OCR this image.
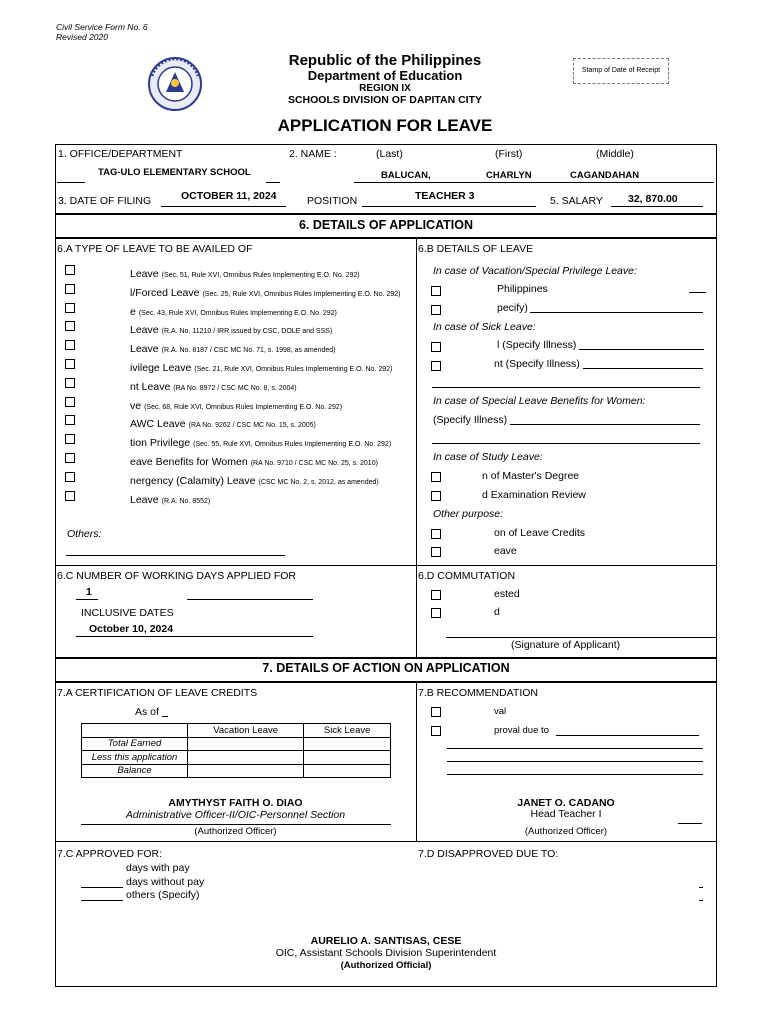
Civil Service Form No. 6
Revised 2020
Republic of the Philippines
Department of Education
REGION IX
SCHOOLS DIVISION OF DAPITAN CITY
Stamp of Date of Receipt
APPLICATION FOR LEAVE
1. OFFICE/DEPARTMENT	2. NAME :	(Last)	(First)	(Middle)
TAG-ULO ELEMENTARY SCHOOL	BALUCAN,	CHARLYN	CAGANDAHAN
3. DATE OF FILING	OCTOBER 11, 2024	POSITION	TEACHER 3	5. SALARY 32, 870.00
6. DETAILS OF APPLICATION
6.A TYPE OF LEAVE TO BE AVAILED OF
Leave (Sec. 51, Rule XVI, Omnibus Rules Implementing E.O. No. 292)
l/Forced Leave (Sec. 25, Rule XVI, Omnibus Rules Implementing E.O. No. 292)
e (Sec. 43, Rule XVI, Omnibus Rules Implementing E.O. No. 292)
Leave (R.A. No. 11210 / IRR issued by CSC, DOLE and SSS)
Leave (R.A. No. 8187 / CSC MC No. 71, s. 1998, as amended)
ivilege Leave (Sec. 21, Rule XVI, Omnibus Rules Implementing E.O. No. 292)
nt Leave (RA No. 8972 / CSC MC No. 8, s. 2004)
ve (Sec. 68, Rule XVI, Omnibus Rules Implementing E.O. No. 292)
AWC Leave (RA No. 9262 / CSC MC No. 15, s. 2005)
tion Privilege (Sec. 55, Rule XVI, Omnibus Rules Implementing E.O. No. 292)
eave Benefits for Women (RA No. 9710 / CSC MC No. 25, s. 2010)
nergency (Calamity) Leave (CSC MC No. 2, s. 2012, as amended)
Leave (R.A. No. 8552)
Others:
6.B DETAILS OF LEAVE
In case of Vacation/Special Privilege Leave:
Philippines
pecify)
In case of Sick Leave:
l (Specify Illness)
nt (Specify Illness)
In case of Special Leave Benefits for Women:
(Specify Illness)
In case of Study Leave:
n of Master's Degree
d Examination Review
Other purpose:
on of Leave Credits
eave
6.C NUMBER OF WORKING DAYS APPLIED FOR
1
INCLUSIVE DATES
October 10, 2024
6.D COMMUTATION
ested
d
(Signature of Applicant)
7. DETAILS OF ACTION ON APPLICATION
7.A CERTIFICATION OF LEAVE CREDITS
As of
	Vacation Leave	Sick Leave
Total Earned		
Less this application		
Balance		
AMYTHYST FAITH O. DIAO
Administrative Officer-II/OIC-Personnel Section
(Authorized Officer)
7.B RECOMMENDATION
val
proval due to
JANET O. CADANO
Head Teacher I
(Authorized Officer)
7.C APPROVED FOR:
days with pay
days without pay
others (Specify)
7.D DISAPPROVED DUE TO:
AURELIO A. SANTISAS, CESE
OIC, Assistant Schools Division Superintendent
(Authorized Official)
